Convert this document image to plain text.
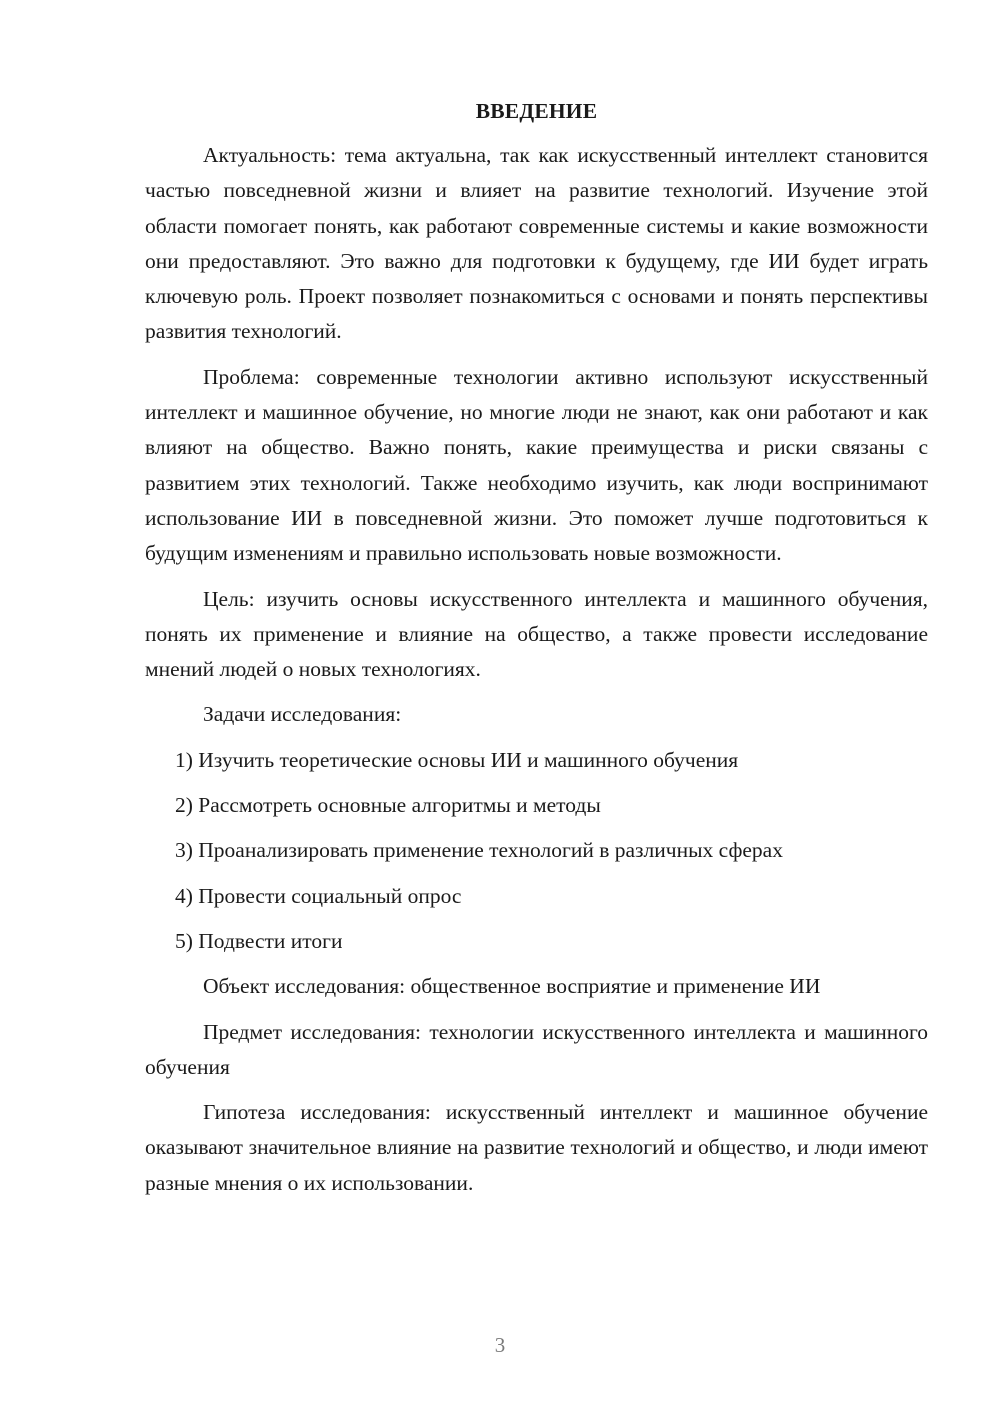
ВВЕДЕНИЕ

Актуальность: тема актуальна, так как искусственный интеллект становится частью повседневной жизни и влияет на развитие технологий. Изучение этой области помогает понять, как работают современные системы и какие возможности они предоставляют. Это важно для подготовки к будущему, где ИИ будет играть ключевую роль. Проект позволяет познакомиться с основами и понять перспективы развития технологий.

Проблема: современные технологии активно используют искусственный интеллект и машинное обучение, но многие люди не знают, как они работают и как влияют на общество. Важно понять, какие преимущества и риски связаны с развитием этих технологий. Также необходимо изучить, как люди воспринимают использование ИИ в повседневной жизни. Это поможет лучше подготовиться к будущим изменениям и правильно использовать новые возможности.

Цель: изучить основы искусственного интеллекта и машинного обучения, понять их применение и влияние на общество, а также провести исследование мнений людей о новых технологиях.

Задачи исследования:

1) Изучить теоретические основы ИИ и машинного обучения
2) Рассмотреть основные алгоритмы и методы
3) Проанализировать применение технологий в различных сферах
4) Провести социальный опрос
5) Подвести итоги

Объект исследования: общественное восприятие и применение ИИ

Предмет исследования: технологии искусственного интеллекта и машинного обучения

Гипотеза исследования: искусственный интеллект и машинное обучение оказывают значительное влияние на развитие технологий и общество, и люди имеют разные мнения о их использовании.

3
